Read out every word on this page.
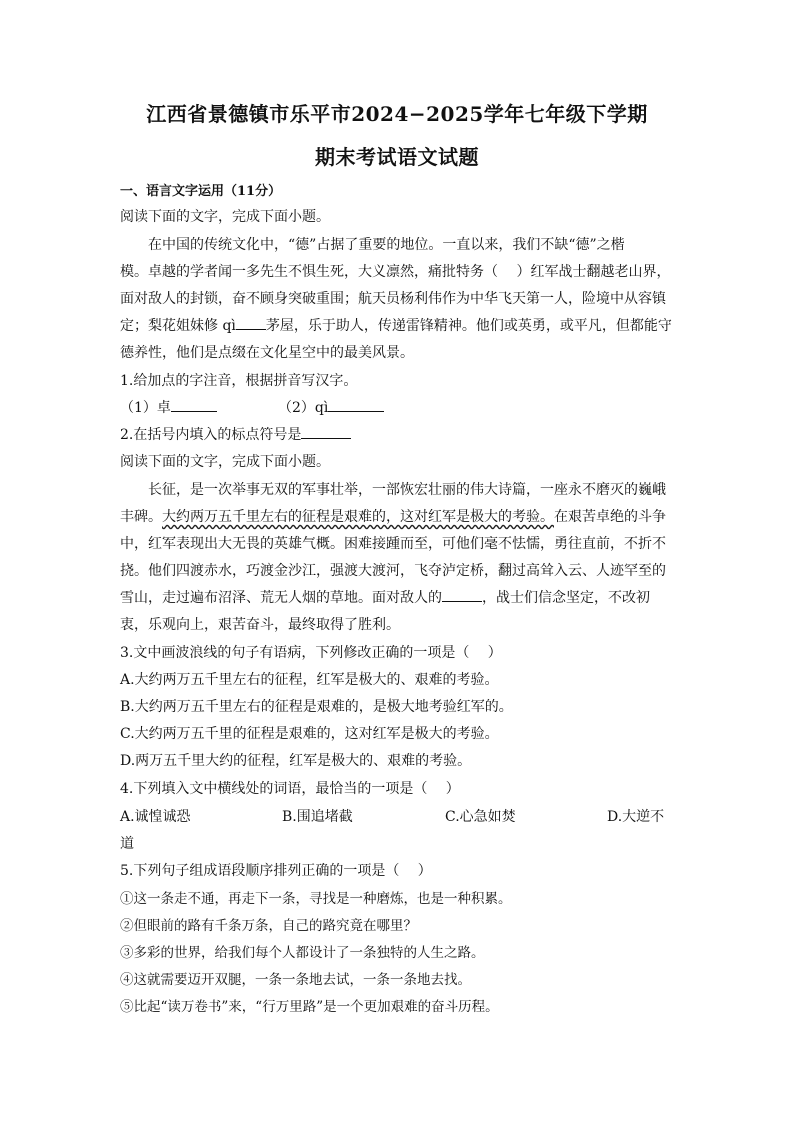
江西省景德镇市乐平市2024−2025学年七年级下学期
期末考试语文试题
一、语言文字运用（11分）
阅读下面的文字，完成下面小题。
在中国的传统文化中，“德”占据了重要的地位。一直以来，我们不缺“德”之楷
模。卓越的学者闻一多先生不惧生死，大义凛然，痛批特务（　 ）红军战士翻越老山界，
面对敌人的封锁，奋不顾身突破重围；航天员杨利伟作为中华飞天第一人，险境中从容镇
定；梨花姐妹修 qì 茅屋，乐于助人，传递雷锋精神。他们或英勇，或平凡，但都能守
德养性，他们是点缀在文化星空中的最美风景。
1.给加点的字注音，根据拼音写汉字。
（1）卓	（2）qì
2.在括号内填入的标点符号是
阅读下面的文字，完成下面小题。
长征，是一次举事无双的军事壮举，一部恢宏壮丽的伟大诗篇，一座永不磨灭的巍峨
丰碑。大约两万五千里左右的征程是艰难的，这对红军是极大的考验。在艰苦卓绝的斗争
中，红军表现出大无畏的英雄气概。困难接踵而至，可他们毫不怯懦，勇往直前，不折不
挠。他们四渡赤水，巧渡金沙江，强渡大渡河，飞夺泸定桥，翻过高耸入云、人迹罕至的
雪山，走过遍布沼泽、荒无人烟的草地。面对敌人的	，战士们信念坚定，不改初
衷，乐观向上，艰苦奋斗，最终取得了胜利。
3.文中画波浪线的句子有语病，下列修改正确的一项是（　 ）
A.大约两万五千里左右的征程，红军是极大的、艰难的考验。
B.大约两万五千里左右的征程是艰难的，是极大地考验红军的。
C.大约两万五千里的征程是艰难的，这对红军是极大的考验。
D.两万五千里大约的征程，红军是极大的、艰难的考验。
4.下列填入文中横线处的词语，最恰当的一项是（　 ）
A.诚惶诚恐	B.围追堵截	C.心急如焚	D.大逆不
道
5.下列句子组成语段顺序排列正确的一项是（　 ）
①这一条走不通，再走下一条，寻找是一种磨炼，也是一种积累。
②但眼前的路有千条万条，自己的路究竟在哪里？
③多彩的世界，给我们每个人都设计了一条独特的人生之路。
④这就需要迈开双腿，一条一条地去试，一条一条地去找。
⑤比起“读万卷书”来，“行万里路”是一个更加艰难的奋斗历程。
